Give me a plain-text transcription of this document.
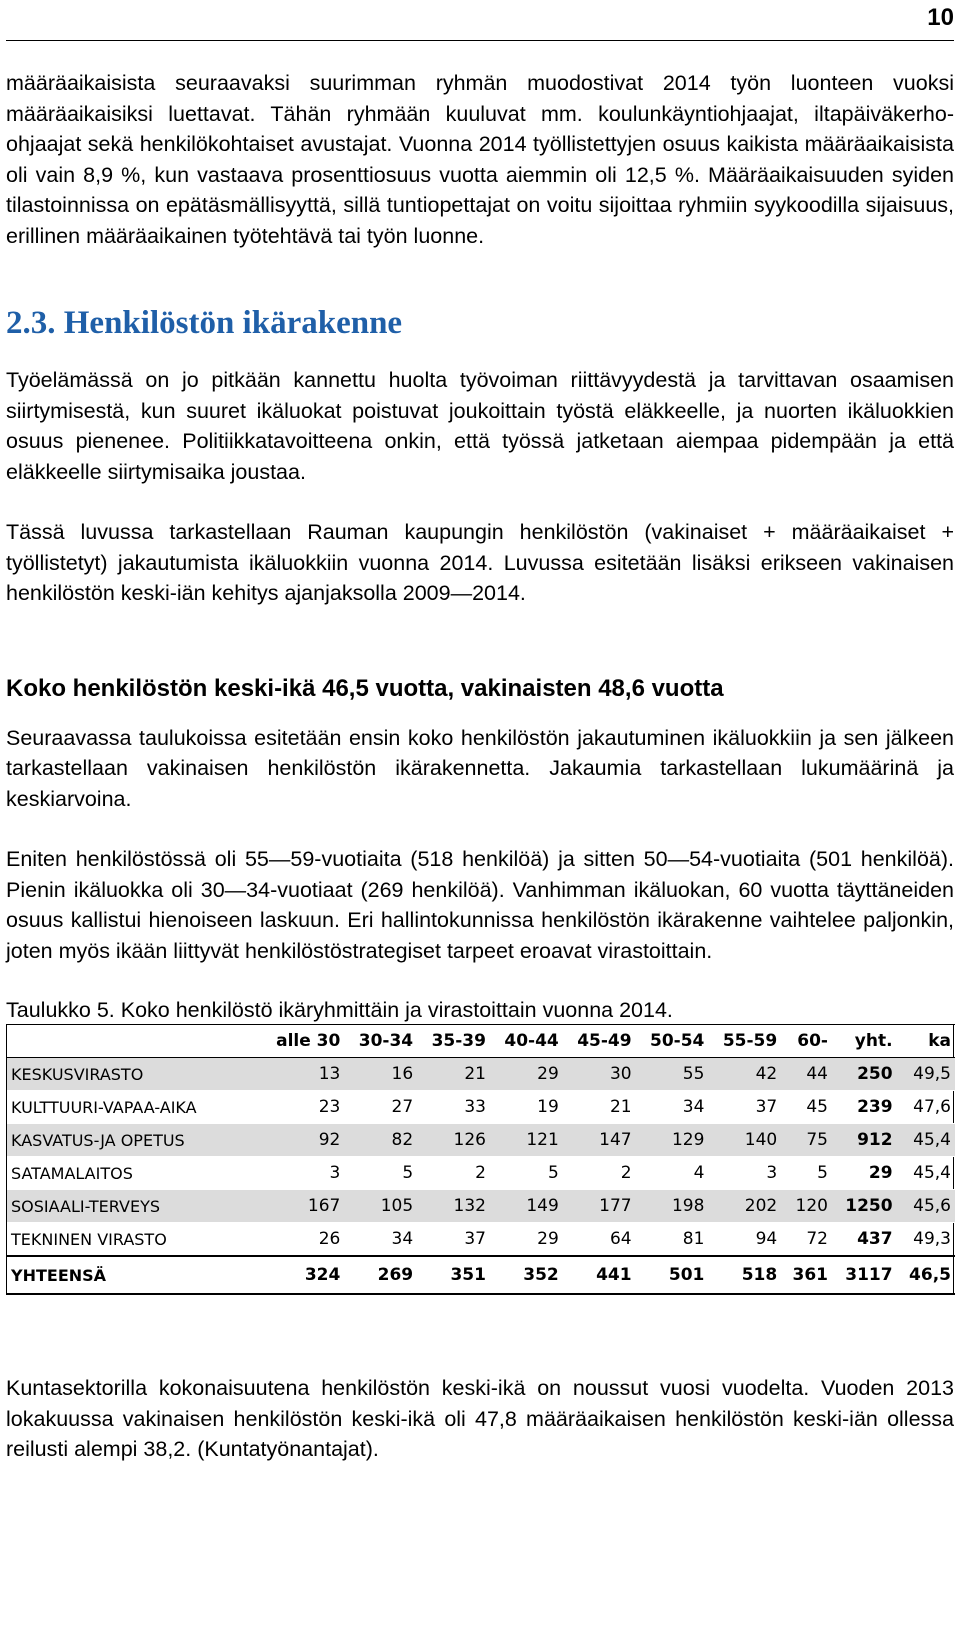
10

määräaikaisista seuraavaksi suurimman ryhmän muodostivat 2014 työn luonteen vuoksi määräaikaisiksi luettavat. Tähän ryhmään kuuluvat mm. koulunkäyntiohjaajat, iltapäiväkerho-ohjaajat sekä henkilökohtaiset avustajat. Vuonna 2014 työllistettyjen osuus kaikista määräaikaisista oli vain 8,9 %, kun vastaava prosenttiosuus vuotta aiemmin oli 12,5 %. Määräaikaisuuden syiden tilastoinnissa on epätäsmällisyyttä, sillä tuntiopettajat on voitu sijoittaa ryhmiin syykoodilla sijaisuus, erillinen määräaikainen työtehtävä tai työn luonne.

2.3. Henkilöstön ikärakenne

Työelämässä on jo pitkään kannettu huolta työvoiman riittävyydestä ja tarvittavan osaamisen siirtymisestä, kun suuret ikäluokat poistuvat joukoittain työstä eläkkeelle, ja nuorten ikäluokkien osuus pienenee. Politiikkatavoitteena onkin, että työssä jatketaan aiempaa pidempään ja että eläkkeelle siirtymisaika joustaa.

Tässä luvussa tarkastellaan Rauman kaupungin henkilöstön (vakinaiset + määräaikaiset + työllistetyt) jakautumista ikäluokkiin vuonna 2014. Luvussa esitetään lisäksi erikseen vakinaisen henkilöstön keski-iän kehitys ajanjaksolla 2009—2014.

Koko henkilöstön keski-ikä 46,5 vuotta, vakinaisten 48,6 vuotta

Seuraavassa taulukoissa esitetään ensin koko henkilöstön jakautuminen ikäluokkiin ja sen jälkeen tarkastellaan vakinaisen henkilöstön ikärakennetta. Jakaumia tarkastellaan lukumäärinä ja keskiarvoina.

Eniten henkilöstössä oli 55—59-vuotiaita (518 henkilöä) ja sitten 50—54-vuotiaita (501 henkilöä). Pienin ikäluokka oli 30—34-vuotiaat (269 henkilöä). Vanhimman ikäluokan, 60 vuotta täyttäneiden osuus kallistui hienoiseen laskuun. Eri hallintokunnissa henkilöstön ikärakenne vaihtelee paljonkin, joten myös ikään liittyvät henkilöstöstrategiset tarpeet eroavat virastoittain.

Taulukko 5. Koko henkilöstö ikäryhmittäin ja virastoittain vuonna 2014.

	alle 30	30-34	35-39	40-44	45-49	50-54	55-59	60-	yht.	ka
KESKUSVIRASTO	13	16	21	29	30	55	42	44	250	49,5
KULTTUURI-VAPAA-AIKA	23	27	33	19	21	34	37	45	239	47,6
KASVATUS-JA OPETUS	92	82	126	121	147	129	140	75	912	45,4
SATAMALAITOS	3	5	2	5	2	4	3	5	29	45,4
SOSIAALI-TERVEYS	167	105	132	149	177	198	202	120	1250	45,6
TEKNINEN VIRASTO	26	34	37	29	64	81	94	72	437	49,3
YHTEENSÄ	324	269	351	352	441	501	518	361	3117	46,5

Kuntasektorilla kokonaisuutena henkilöstön keski-ikä on noussut vuosi vuodelta. Vuoden 2013 lokakuussa vakinaisen henkilöstön keski-ikä oli 47,8 määräaikaisen henkilöstön keski-iän ollessa reilusti alempi 38,2. (Kuntatyönantajat).
